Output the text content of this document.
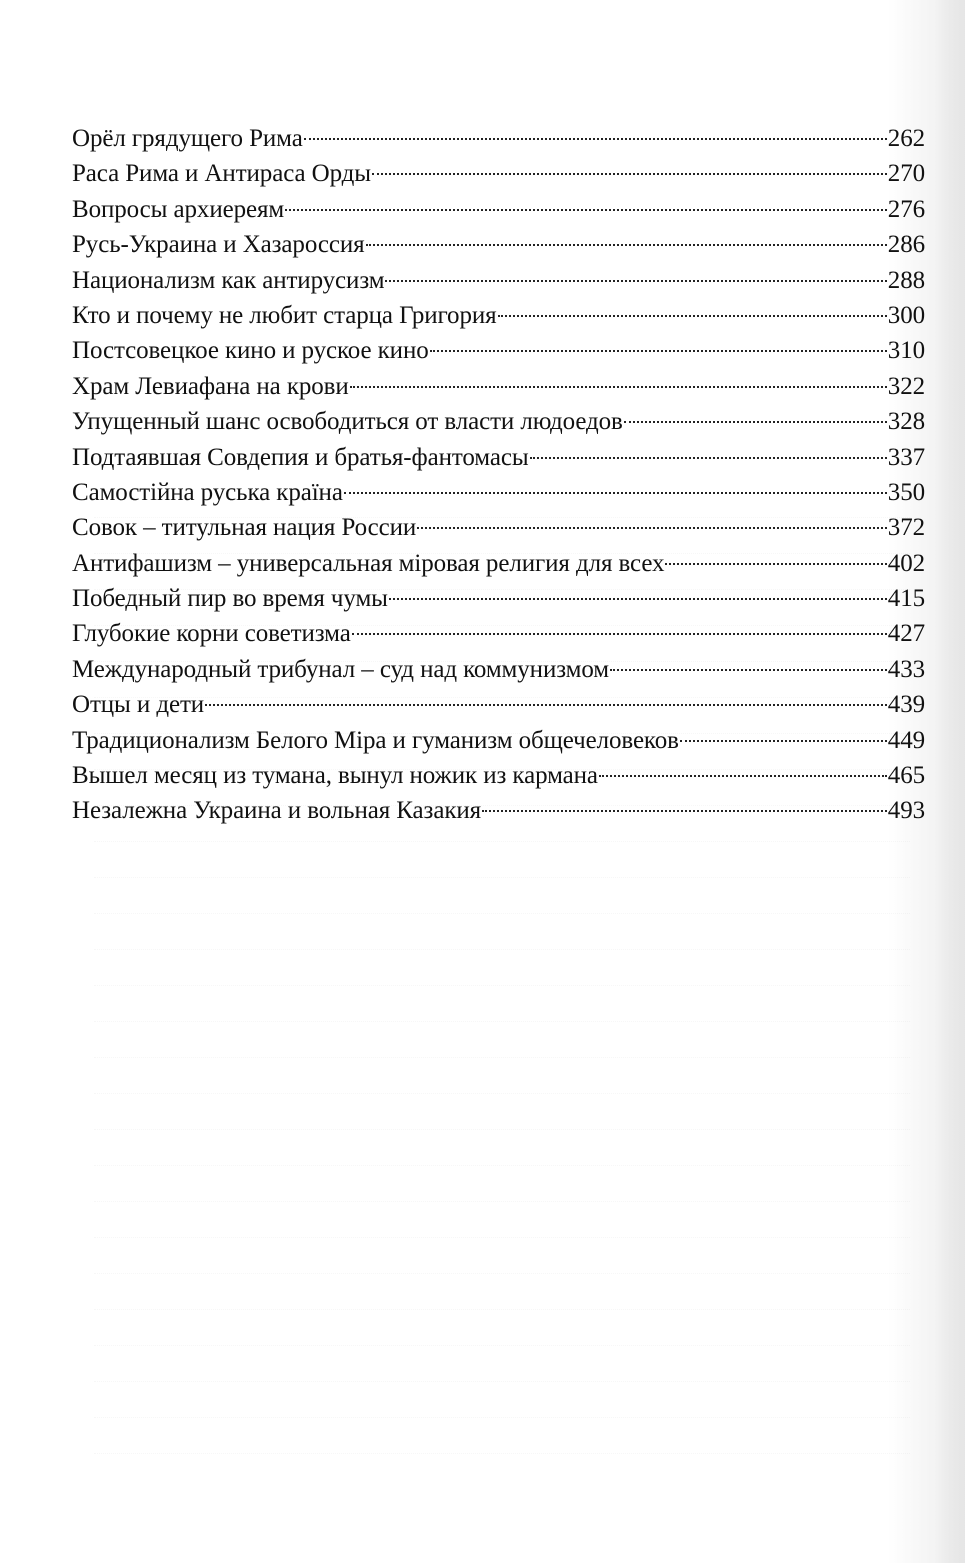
Орёл грядущего Рима	262
Раса Рима и Антираса Орды	270
Вопросы архиереям	276
Русь-Украина и Хазароссия	286
Национализм как антирусизм	288
Кто и почему не любит старца Григория	300
Постсовецкое кино и руское кино	310
Храм Левиафана на крови	322
Упущенный шанс освободиться от власти людоедов	328
Подтаявшая Совдепия и братья-фантомасы	337
Самостійна руська країна	350
Совок – титульная нация России	372
Антифашизм – универсальная міровая религия для всех	402
Победный пир во время чумы	415
Глубокие корни советизма	427
Международный трибунал – суд над коммунизмом	433
Отцы и дети	439
Традиционализм Белого Міра и гуманизм общечеловеков	449
Вышел месяц из тумана, вынул ножик из кармана	465
Незалежна Украина и вольная Казакия	493
